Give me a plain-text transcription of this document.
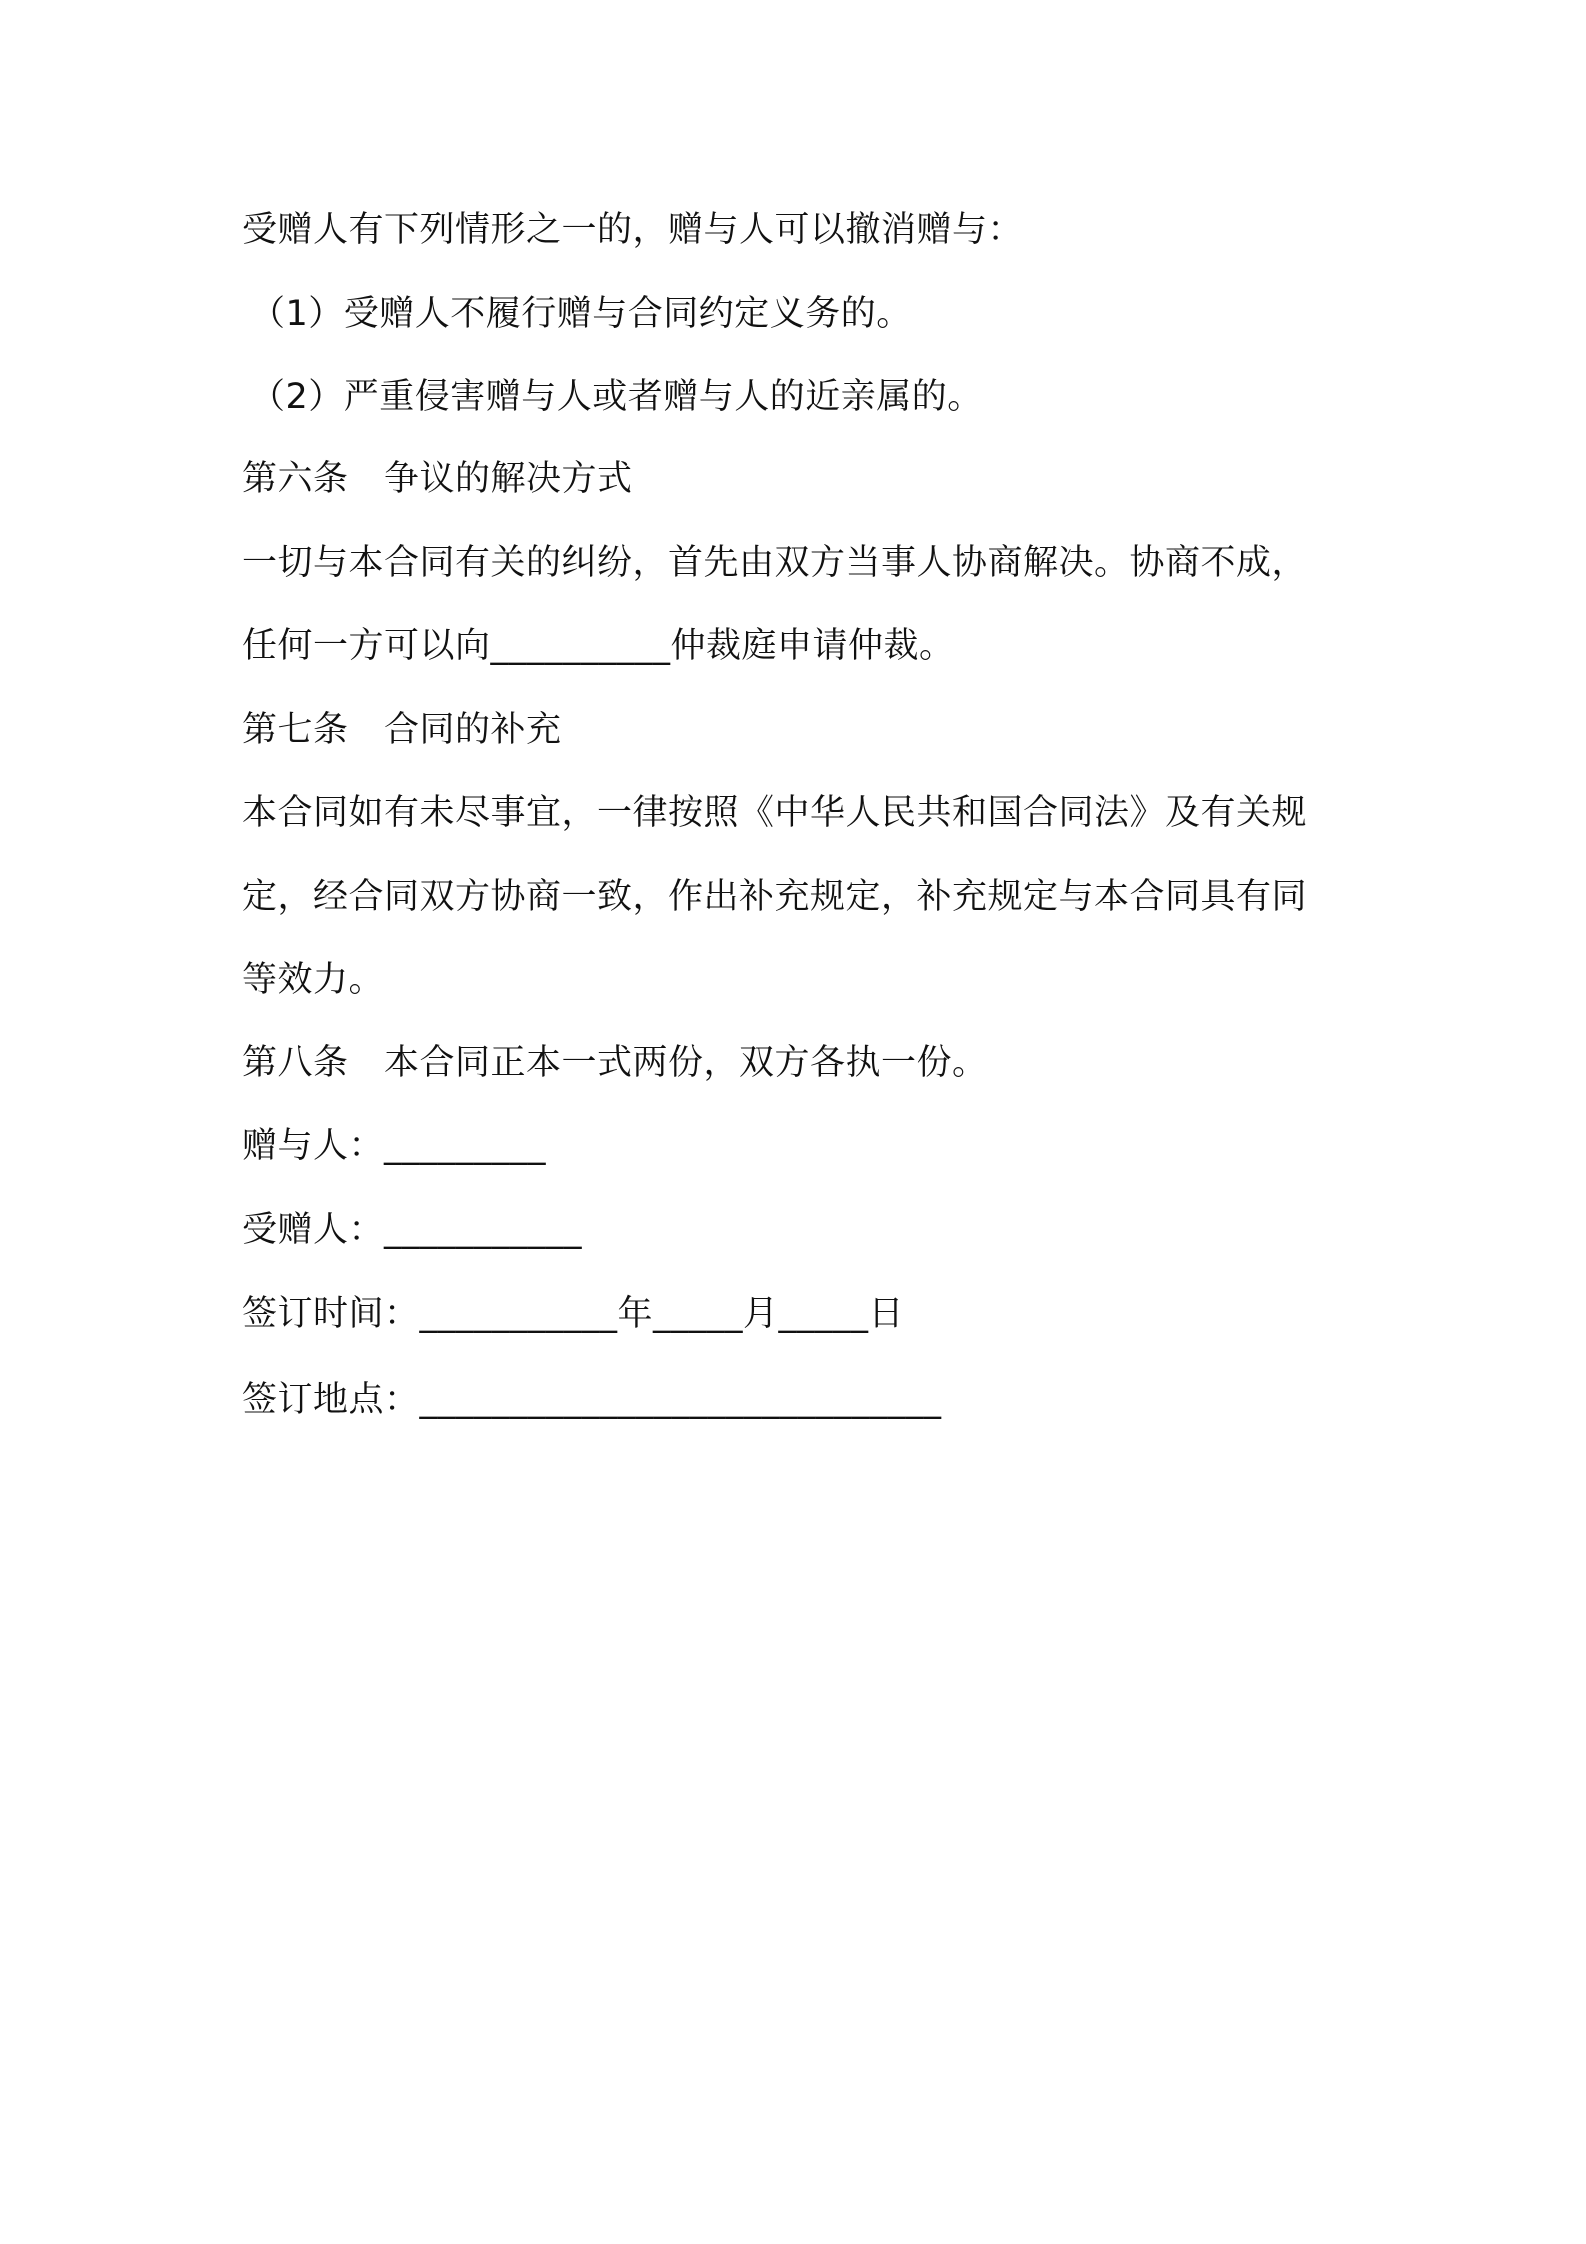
受赠人有下列情形之一的，赠与人可以撤消赠与：
（1）受赠人不履行赠与合同约定义务的。
（2）严重侵害赠与人或者赠与人的近亲属的。
第六条　争议的解决方式
一切与本合同有关的纠纷，首先由双方当事人协商解决。协商不成，
任何一方可以向__________仲裁庭申请仲裁。
第七条　合同的补充
本合同如有未尽事宜，一律按照《中华人民共和国合同法》及有关规
定，经合同双方协商一致，作出补充规定，补充规定与本合同具有同
等效力。
第八条　本合同正本一式两份，双方各执一份。
赠与人：_________
受赠人：___________
签订时间：___________年_____月_____日
签订地点：_____________________________
